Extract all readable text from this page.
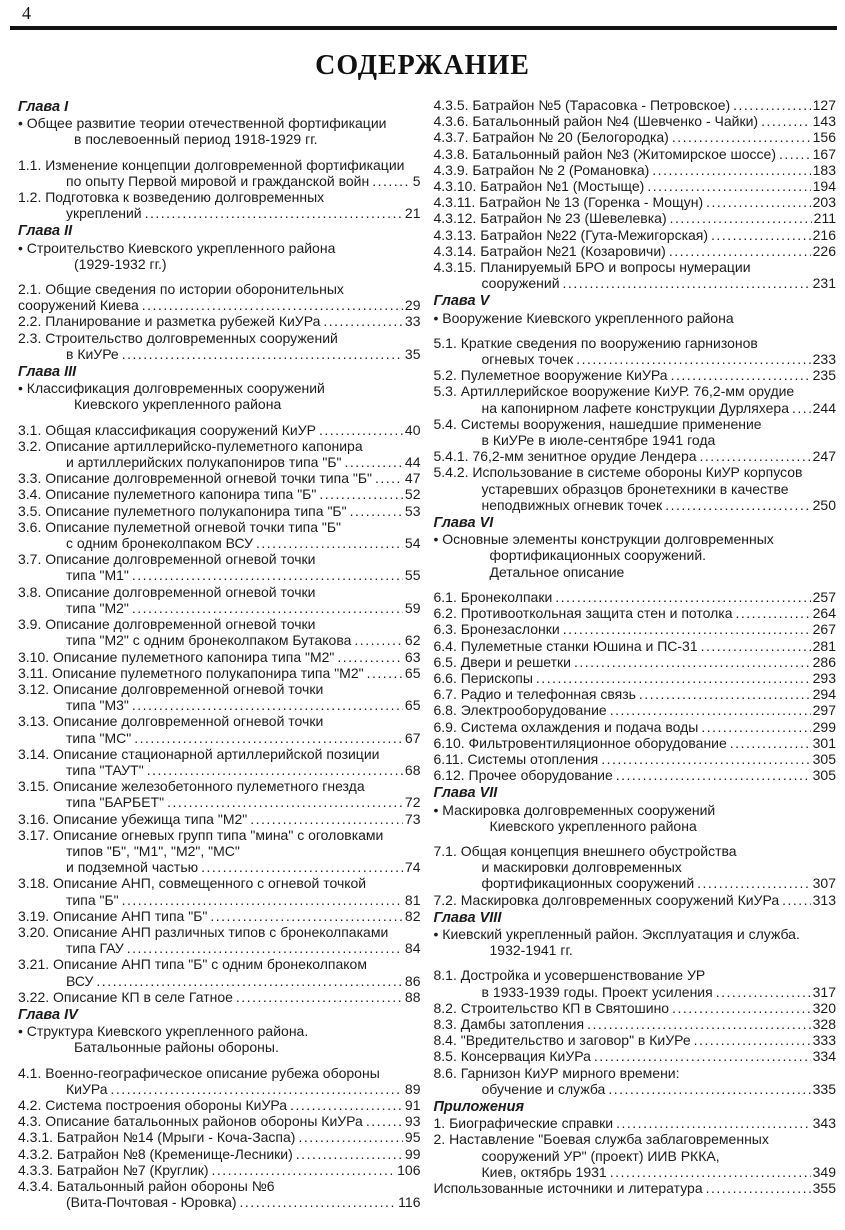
4
СОДЕРЖАНИЕ
Глава I
• Общее развитие теории отечественной фортификации
в послевоенный период 1918-1929 гг.
1.1. Изменение концепции долговременной фортификации
по опыту Первой мировой и гражданской войн .....	5
1.2. Подготовка к возведению долговременных
укреплений .....	21
Глава II
• Строительство Киевского укрепленного района
(1929-1932 гг.)
2.1. Общие сведения по истории оборонительных
сооружений Киева .....	29
2.2. Планирование и разметка рубежей КиУРа .....	33
2.3. Строительство долговременных сооружений
в КиУРе .....	35
Глава III
• Классификация долговременных сооружений
Киевского укрепленного района
3.1. Общая классификация сооружений КиУР .....	40
3.2. Описание артиллерийско-пулеметного капонира
и артиллерийских полукапониров типа "Б" .....	44
3.3. Описание долговременной огневой точки типа "Б" ..... 47
3.4. Описание пулеметного капонира типа "Б" .....	52
3.5. Описание пулеметного полукапонира типа "Б" .....	53
3.6. Описание пулеметной огневой точки типа "Б"
с одним бронеколпаком ВСУ .....	54
3.7. Описание долговременной огневой точки
типа "М1" .....	55
3.8. Описание долговременной огневой точки
типа "М2" .....	59
3.9. Описание долговременной огневой точки
типа "М2" с одним бронеколпаком Бутакова .....	62
3.10. Описание пулеметного капонира типа "М2" .....	63
3.11. Описание пулеметного полукапонира типа "М2" .....	65
3.12. Описание долговременной огневой точки
типа "М3" .....	65
3.13. Описание долговременной огневой точки
типа "МС" .....	67
3.14. Описание стационарной артиллерийской позиции
типа "ТАУТ" .....	68
3.15. Описание железобетонного пулеметного гнезда
типа "БАРБЕТ" .....	72
3.16. Описание убежища типа "М2" .....	73
3.17. Описание огневых групп типа "мина" с оголовками
типов "Б", "М1", "М2", "МС"
и подземной частью .....	74
3.18. Описание АНП, совмещенного с огневой точкой
типа "Б" .....	81
3.19. Описание АНП типа "Б" .....	82
3.20. Описание АНП различных типов с бронеколпаками
типа ГАУ .....	84
3.21. Описание АНП типа "Б" с одним бронеколпаком
ВСУ .....	86
3.22. Описание КП в селе Гатное .....	88
Глава IV
• Структура Киевского укрепленного района.
Батальонные районы обороны.
4.1. Военно-географическое описание рубежа обороны
КиУРа .....	89
4.2. Система построения обороны КиУРа .....	91
4.3. Описание батальонных районов обороны КиУРа .....	93
4.3.1. Батрайон №14 (Мрыги - Коча-Заспа) .....	95
4.3.2. Батрайон №8 (Кременище-Лесники) .....	99
4.3.3. Батрайон №7 (Круглик) .....	106
4.3.4. Батальонный район обороны №6
(Вита-Почтовая - Юровка) .....	116
4.3.5. Батрайон №5 (Тарасовка - Петровское) .....	127
4.3.6. Батальонный район №4 (Шевченко - Чайки) .....	143
4.3.7. Батрайон № 20 (Белогородка) .....	156
4.3.8. Батальонный район №3 (Житомирское шоссе) .....	167
4.3.9. Батрайон № 2 (Романовка) .....	183
4.3.10. Батрайон №1 (Мостыще) .....	194
4.3.11. Батрайон № 13 (Горенка - Мощун) .....	203
4.3.12. Батрайон № 23 (Шевелевка) .....	211
4.3.13. Батрайон №22 (Гута-Межигорская) .....	216
4.3.14. Батрайон №21 (Козаровичи) .....	226
4.3.15. Планируемый БРО и вопросы нумерации
сооружений .....	231
Глава V
• Вооружение Киевского укрепленного района
5.1. Краткие сведения по вооружению гарнизонов
огневых точек .....	233
5.2. Пулеметное вооружение КиУРа .....	235
5.3. Артиллерийское вооружение КиУР. 76,2-мм орудие
на капонирном лафете конструкции Дурляхера ..... 244
5.4. Системы вооружения, нашедшие применение
в КиУРе в июле-сентябре 1941 года
5.4.1. 76,2-мм зенитное орудие Лендера .....	247
5.4.2. Использование в системе обороны КиУР корпусов
устаревших образцов бронетехники в качестве
неподвижных огневик точек .....	250
Глава VI
• Основные элементы конструкции долговременных
фортификационных сооружений.
Детальное описание
6.1. Бронеколпаки .....	257
6.2. Противооткольная защита стен и потолка .....	264
6.3. Бронезаслонки .....	267
6.4. Пулеметные станки Юшина и ПС-31 .....	281
6.5. Двери и решетки .....	286
6.6. Перископы .....	293
6.7. Радио и телефонная связь .....	294
6.8. Электрооборудование .....	297
6.9. Система охлаждения и подача воды .....	299
6.10. Фильтровентиляционное оборудование .....	301
6.11. Системы отопления .....	305
6.12. Прочее оборудование .....	305
Глава VII
• Маскировка долговременных сооружений
Киевского укрепленного района
7.1. Общая концепция внешнего обустройства
и маскировки долговременных
фортификационных сооружений .....	307
7.2. Маскировка долговременных сооружений КиУРа ..... 313
Глава VIII
• Киевский укрепленный район. Эксплуатация и служба.
1932-1941 гг.
8.1. Достройка и усовершенствование УР
в 1933-1939 годы. Проект усиления .....	317
8.2. Строительство КП в Святошино .....	320
8.3. Дамбы затопления .....	328
8.4. "Вредительство и заговор" в КиУРе .....	333
8.5. Консервация КиУРа .....	334
8.6. Гарнизон КиУР мирного времени:
обучение и служба .....	335
Приложения
1. Биографические справки .....	343
2. Наставление "Боевая служба заблаговременных
сооружений УР" (проект) ИИВ РККА,
Киев, октябрь 1931 .....	349
Использованные источники и литература .....	355
